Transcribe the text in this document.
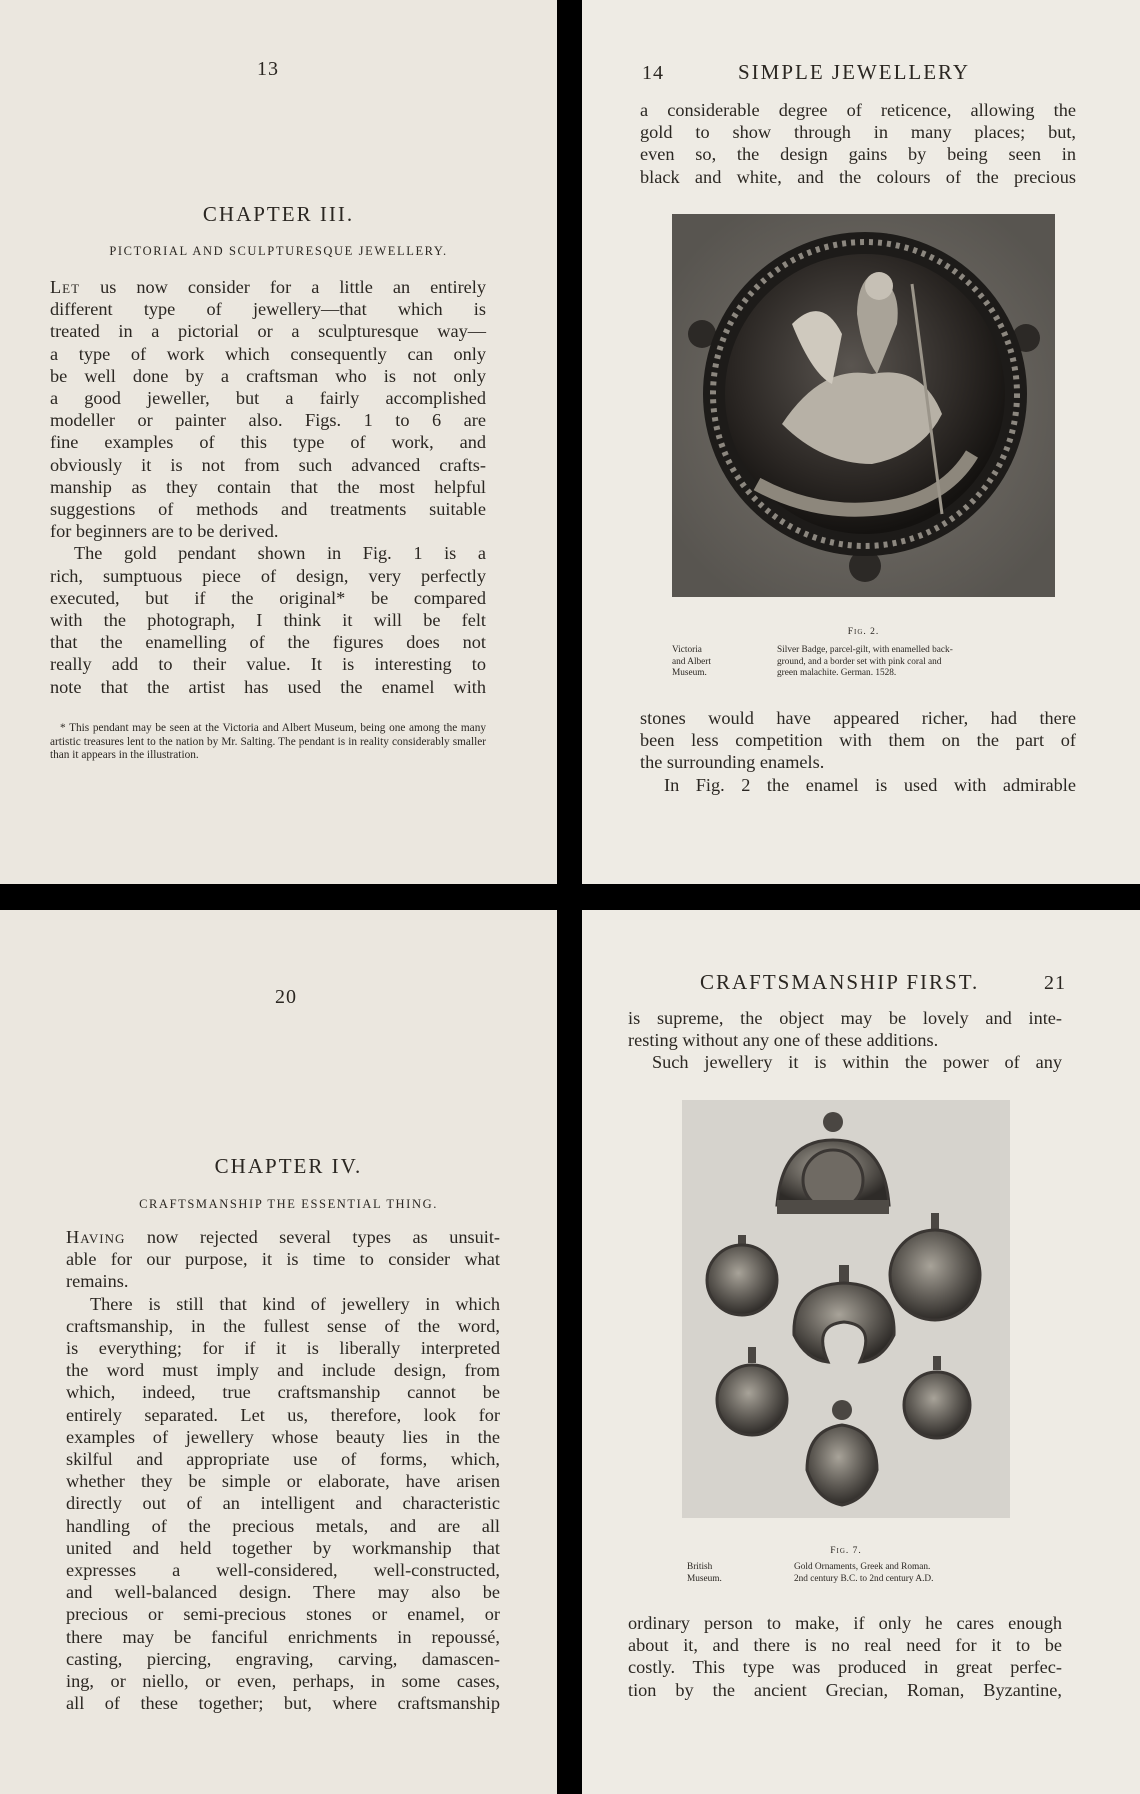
13
CHAPTER III.
PICTORIAL AND SCULPTURESQUE JEWELLERY.

Let us now consider for a little an entirely

different type of jewellery—that which is

treated in a pictorial or a sculpturesque way—

a type of work which consequently can only

be well done by a craftsman who is not only

a good jeweller, but a fairly accomplished

modeller or painter also. Figs. 1 to 6 are

fine examples of this type of work, and

obviously it is not from such advanced crafts-

manship as they contain that the most helpful

suggestions of methods and treatments suitable

for beginners are to be derived.

The gold pendant shown in Fig. 1 is a

rich, sumptuous piece of design, very perfectly

executed, but if the original* be compared

with the photograph, I think it will be felt

that the enamelling of the figures does not

really add to their value. It is interesting to

note that the artist has used the enamel with

* This pendant may be seen at the Victoria and Albert Museum, being one among the many artistic treasures lent to the nation by Mr. Salting. The pendant is in reality considerably smaller than it appears in the illustration.
14	SIMPLE JEWELLERY

a considerable degree of reticence, allowing the

gold to show through in many places; but,

even so, the design gains by being seen in

black and white, and the colours of the precious

Fig. 2.
Victoria
and Albert
Museum.
Silver Badge, parcel-gilt, with enamelled back-
ground, and a border set with pink coral and
green malachite. German. 1528.

stones would have appeared richer, had there

been less competition with them on the part of

the surrounding enamels.

In Fig. 2 the enamel is used with admirable

20
CHAPTER IV.
CRAFTSMANSHIP THE ESSENTIAL THING.

Having now rejected several types as unsuit-

able for our purpose, it is time to consider what

remains.

There is still that kind of jewellery in which

craftsmanship, in the fullest sense of the word,

is everything; for if it is liberally interpreted

the word must imply and include design, from

which, indeed, true craftsmanship cannot be

entirely separated. Let us, therefore, look for

examples of jewellery whose beauty lies in the

skilful and appropriate use of forms, which,

whether they be simple or elaborate, have arisen

directly out of an intelligent and characteristic

handling of the precious metals, and are all

united and held together by workmanship that

expresses a well-considered, well-constructed,

and well-balanced design. There may also be

precious or semi-precious stones or enamel, or

there may be fanciful enrichments in repoussé,

casting, piercing, engraving, carving, damascen-

ing, or niello, or even, perhaps, in some cases,

all of these together; but, where craftsmanship

CRAFTSMANSHIP FIRST.	21

is supreme, the object may be lovely and inte-

resting without any one of these additions.

Such jewellery it is within the power of any

Fig. 7.
British
Museum.
Gold Ornaments, Greek and Roman.
2nd century B.C. to 2nd century A.D.

ordinary person to make, if only he cares enough

about it, and there is no real need for it to be

costly. This type was produced in great perfec-

tion by the ancient Grecian, Roman, Byzantine,
